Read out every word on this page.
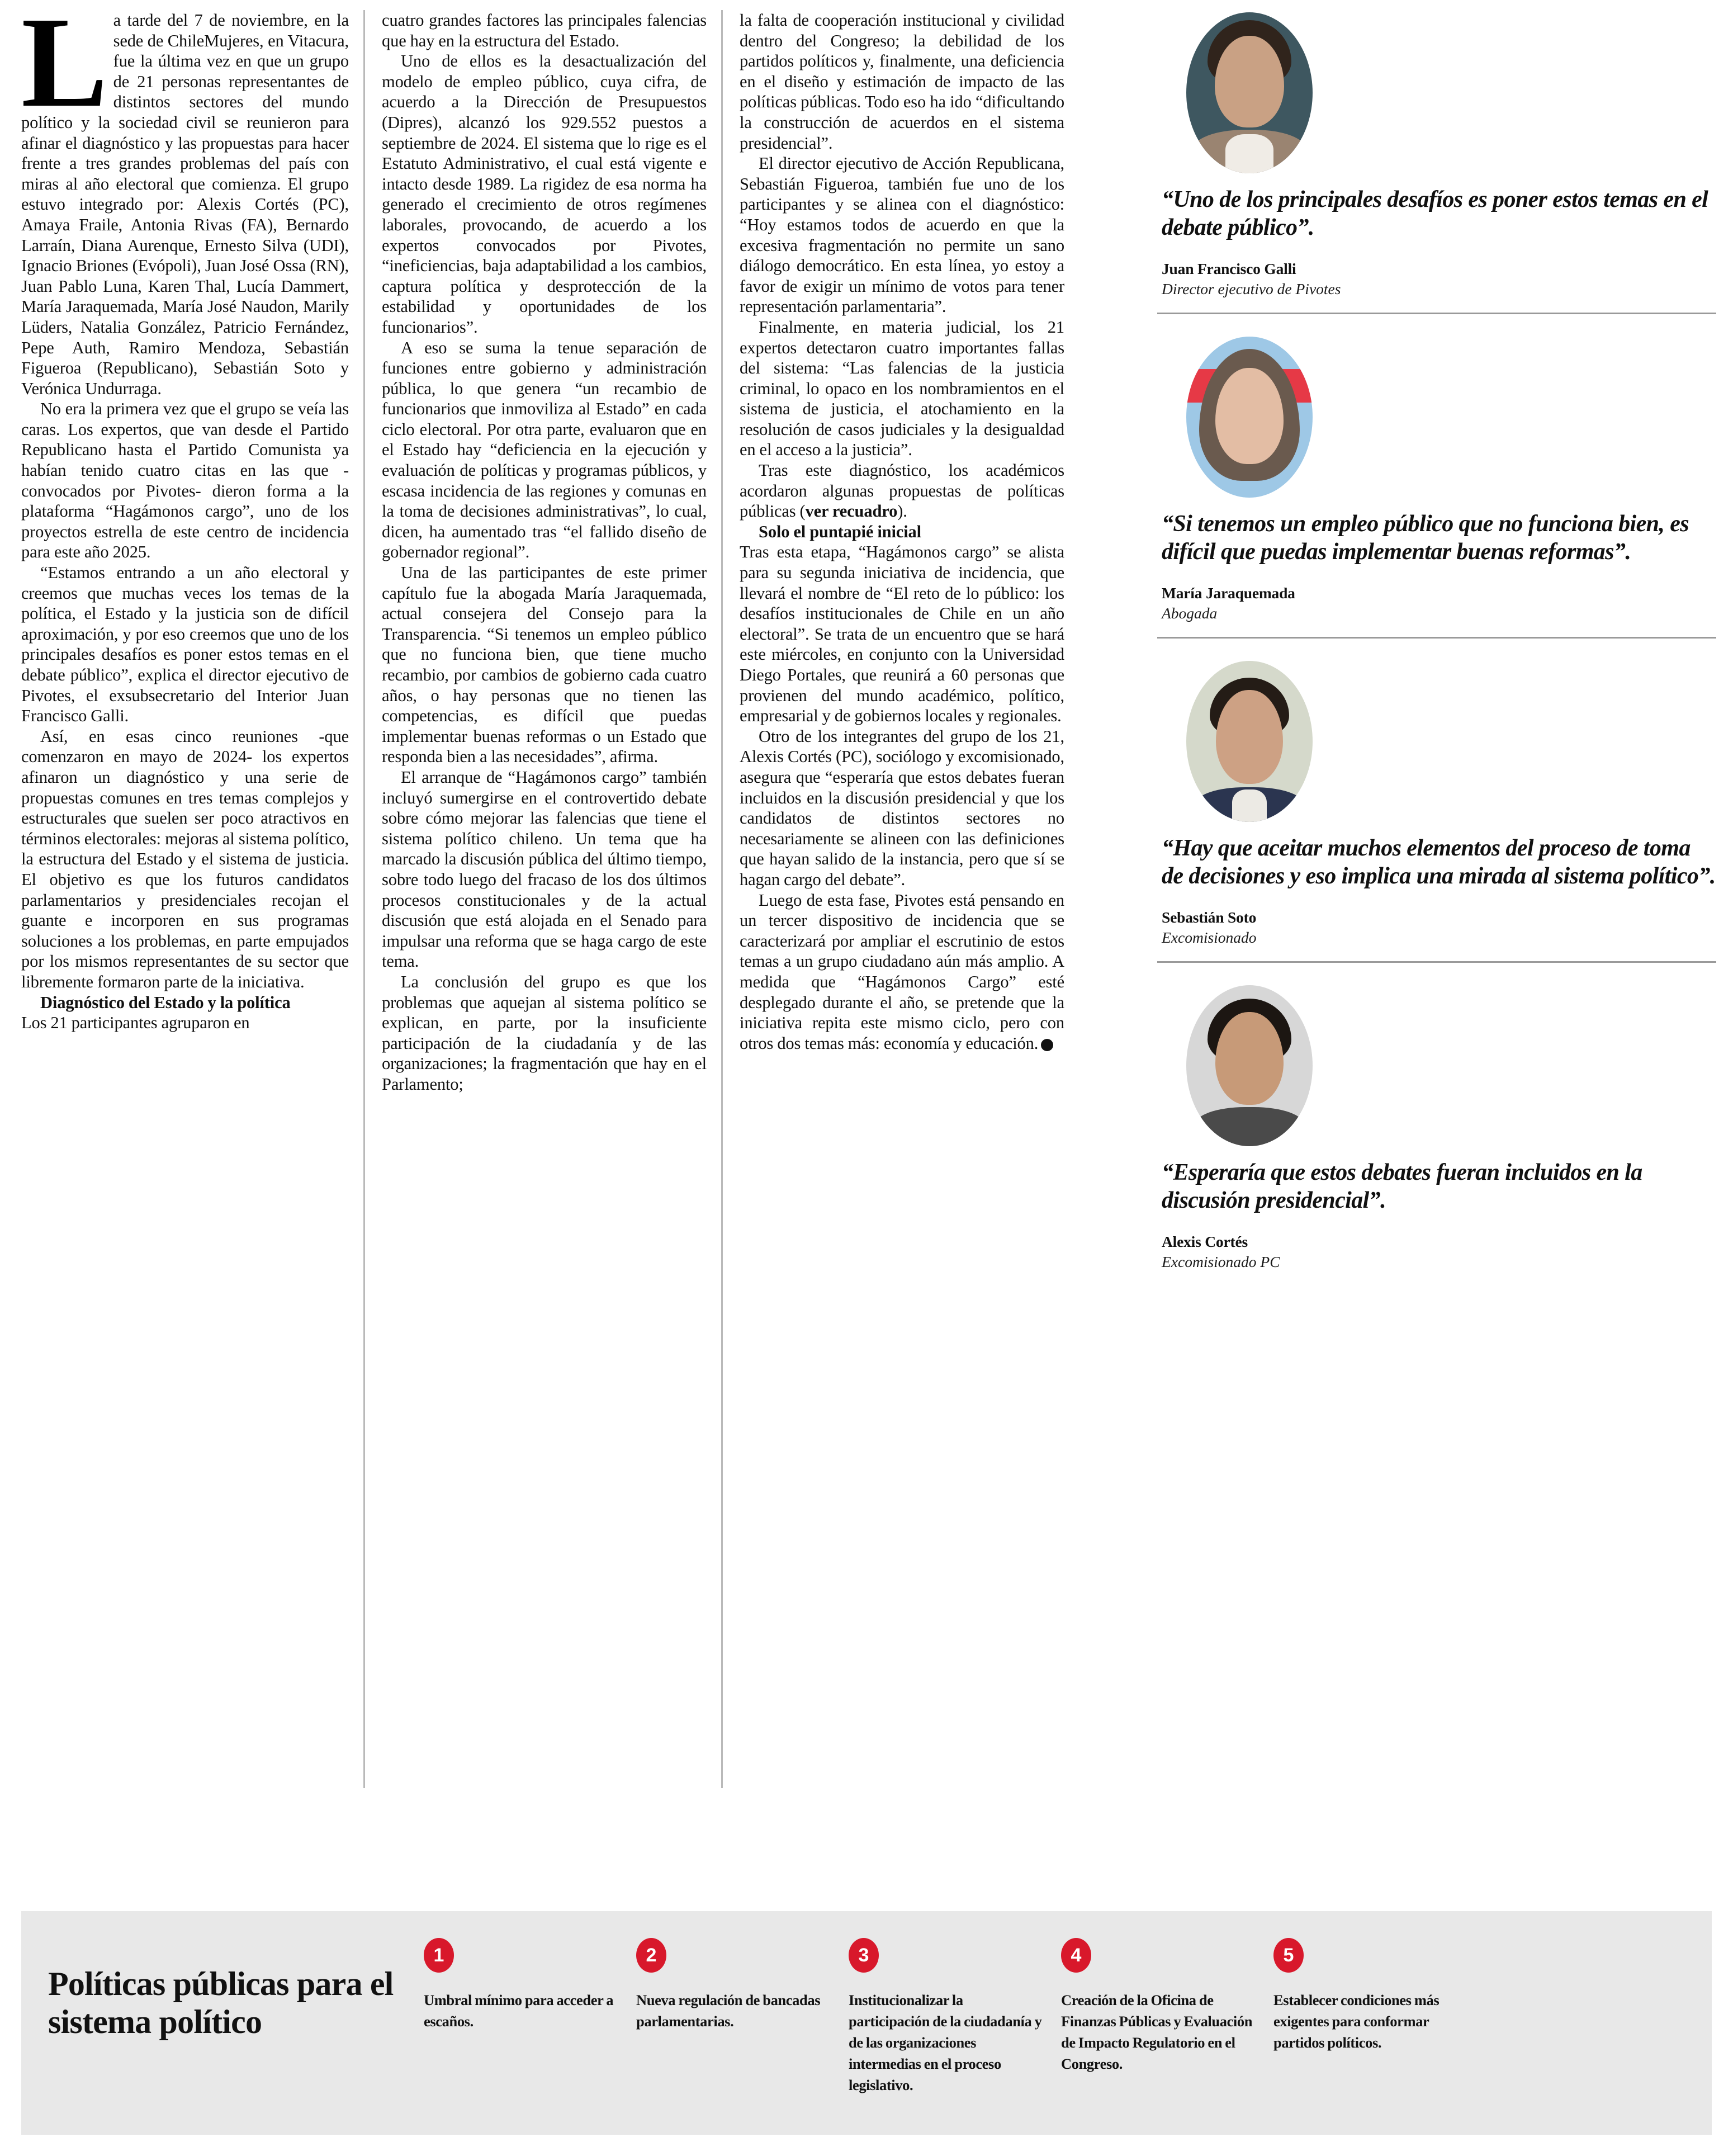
La tarde del 7 de noviembre, en la sede de ChileMujeres, en Vitacura, fue la última vez en que un grupo de 21 personas representantes de distintos sectores del mundo político y la sociedad civil se reunieron para afinar el diagnóstico y las propuestas para hacer frente a tres grandes problemas del país con miras al año electoral que comienza. El grupo estuvo integrado por: Alexis Cortés (PC), Amaya Fraile, Antonia Rivas (FA), Bernardo Larraín, Diana Aurenque, Ernesto Silva (UDI), Ignacio Briones (Evópoli), Juan José Ossa (RN), Juan Pablo Luna, Karen Thal, Lucía Dammert, María Jaraquemada, María José Naudon, Marily Lüders, Natalia González, Patricio Fernández, Pepe Auth, Ramiro Mendoza, Sebastián Figueroa (Republicano), Sebastián Soto y Verónica Undurraga.

No era la primera vez que el grupo se veía las caras. Los expertos, que van desde el Partido Republicano hasta el Partido Comunista ya habían tenido cuatro citas en las que -convocados por Pivotes- dieron forma a la plataforma “Hagámonos cargo”, uno de los proyectos estrella de este centro de incidencia para este año 2025.

“Estamos entrando a un año electoral y creemos que muchas veces los temas de la política, el Estado y la justicia son de difícil aproximación, y por eso creemos que uno de los principales desafíos es poner estos temas en el debate público”, explica el director ejecutivo de Pivotes, el exsubsecretario del Interior Juan Francisco Galli.

Así, en esas cinco reuniones -que comenzaron en mayo de 2024- los expertos afinaron un diagnóstico y una serie de propuestas comunes en tres temas complejos y estructurales que suelen ser poco atractivos en términos electorales: mejoras al sistema político, la estructura del Estado y el sistema de justicia. El objetivo es que los futuros candidatos parlamentarios y presidenciales recojan el guante e incorporen en sus programas soluciones a los problemas, en parte empujados por los mismos representantes de su sector que libremente formaron parte de la iniciativa.

Diagnóstico del Estado y la política

Los 21 participantes agruparon en

cuatro grandes factores las principales falencias que hay en la estructura del Estado.

Uno de ellos es la desactualización del modelo de empleo público, cuya cifra, de acuerdo a la Dirección de Presupuestos (Dipres), alcanzó los 929.552 puestos a septiembre de 2024. El sistema que lo rige es el Estatuto Administrativo, el cual está vigente e intacto desde 1989. La rigidez de esa norma ha generado el crecimiento de otros regímenes laborales, provocando, de acuerdo a los expertos convocados por Pivotes, “ineficiencias, baja adaptabilidad a los cambios, captura política y desprotección de la estabilidad y oportunidades de los funcionarios”.

A eso se suma la tenue separación de funciones entre gobierno y administración pública, lo que genera “un recambio de funcionarios que inmoviliza al Estado” en cada ciclo electoral. Por otra parte, evaluaron que en el Estado hay “deficiencia en la ejecución y evaluación de políticas y programas públicos, y escasa incidencia de las regiones y comunas en la toma de decisiones administrativas”, lo cual, dicen, ha aumentado tras “el fallido diseño de gobernador regional”.

Una de las participantes de este primer capítulo fue la abogada María Jaraquemada, actual consejera del Consejo para la Transparencia. “Si tenemos un empleo público que no funciona bien, que tiene mucho recambio, por cambios de gobierno cada cuatro años, o hay personas que no tienen las competencias, es difícil que puedas implementar buenas reformas o un Estado que responda bien a las necesidades”, afirma.

El arranque de “Hagámonos cargo” también incluyó sumergirse en el controvertido debate sobre cómo mejorar las falencias que tiene el sistema político chileno. Un tema que ha marcado la discusión pública del último tiempo, sobre todo luego del fracaso de los dos últimos procesos constitucionales y de la actual discusión que está alojada en el Senado para impulsar una reforma que se haga cargo de este tema.

La conclusión del grupo es que los problemas que aquejan al sistema político se explican, en parte, por la insuficiente participación de la ciudadanía y de las organizaciones; la fragmentación que hay en el Parlamento;

la falta de cooperación institucional y civilidad dentro del Congreso; la debilidad de los partidos políticos y, finalmente, una deficiencia en el diseño y estimación de impacto de las políticas públicas. Todo eso ha ido “dificultando la construcción de acuerdos en el sistema presidencial”.

El director ejecutivo de Acción Republicana, Sebastián Figueroa, también fue uno de los participantes y se alinea con el diagnóstico: “Hoy estamos todos de acuerdo en que la excesiva fragmentación no permite un sano diálogo democrático. En esta línea, yo estoy a favor de exigir un mínimo de votos para tener representación parlamentaria”.

Finalmente, en materia judicial, los 21 expertos detectaron cuatro importantes fallas del sistema: “Las falencias de la justicia criminal, lo opaco en los nombramientos en el sistema de justicia, el atochamiento en la resolución de casos judiciales y la desigualdad en el acceso a la justicia”.

Tras este diagnóstico, los académicos acordaron algunas propuestas de políticas públicas (ver recuadro).

Solo el puntapié inicial

Tras esta etapa, “Hagámonos cargo” se alista para su segunda iniciativa de incidencia, que llevará el nombre de “El reto de lo público: los desafíos institucionales de Chile en un año electoral”. Se trata de un encuentro que se hará este miércoles, en conjunto con la Universidad Diego Portales, que reunirá a 60 personas que provienen del mundo académico, político, empresarial y de gobiernos locales y regionales.

Otro de los integrantes del grupo de los 21, Alexis Cortés (PC), sociólogo y excomisionado, asegura que “esperaría que estos debates fueran incluidos en la discusión presidencial y que los candidatos de distintos sectores no necesariamente se alineen con las definiciones que hayan salido de la instancia, pero que sí se hagan cargo del debate”.

Luego de esta fase, Pivotes está pensando en un tercer dispositivo de incidencia que se caracterizará por ampliar el escrutinio de estos temas a un grupo ciudadano aún más amplio. A medida que “Hagámonos Cargo” esté desplegado durante el año, se pretende que la iniciativa repita este mismo ciclo, pero con otros dos temas más: economía y educación.	D

“Uno de los principales desafíos es poner estos temas en el debate público”.
Juan Francisco Galli
Director ejecutivo de Pivotes
“Si tenemos un empleo público que no funciona bien, es difícil que puedas implementar buenas reformas”.
María Jaraquemada
Abogada
“Hay que aceitar muchos elementos del proceso de toma de decisiones y eso implica una mirada al sistema político”.
Sebastián Soto
Excomisionado
“Esperaría que estos debates fueran incluidos en la discusión presidencial”.
Alexis Cortés
Excomisionado PC
Políticas públicas para el sistema político
1
Umbral mínimo para acceder a escaños.
2
Nueva regulación de bancadas parlamentarias.
3
Institucionalizar la participación de la ciudadanía y de las organizaciones intermedias en el proceso legislativo.
4
Creación de la Oficina de Finanzas Públicas y Evaluación de Impacto Regulatorio en el Congreso.
5
Establecer condiciones más exigentes para conformar partidos políticos.
